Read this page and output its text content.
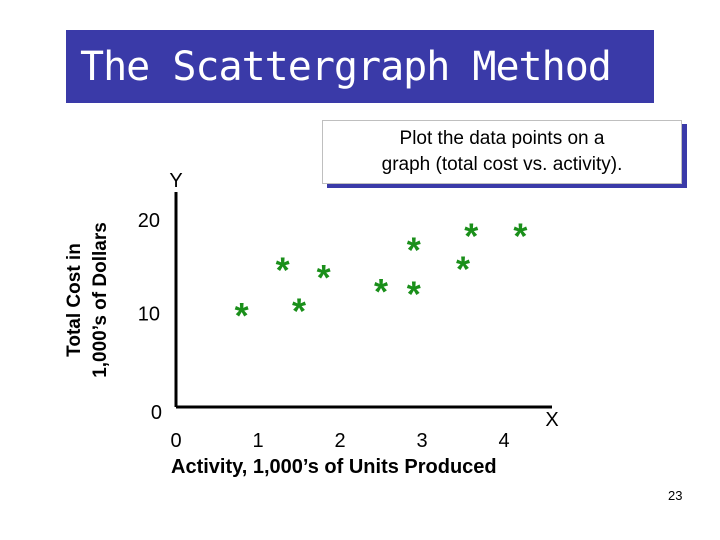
The Scattergraph Method
Plot the data points on a
graph (total cost vs. activity).
Total Cost in
1,000’s of Dollars
Y
X
0
10
20
0	1	2	3	4
*
*
*
* *
*
*
*
* *
Activity, 1,000’s of Units Produced
23
